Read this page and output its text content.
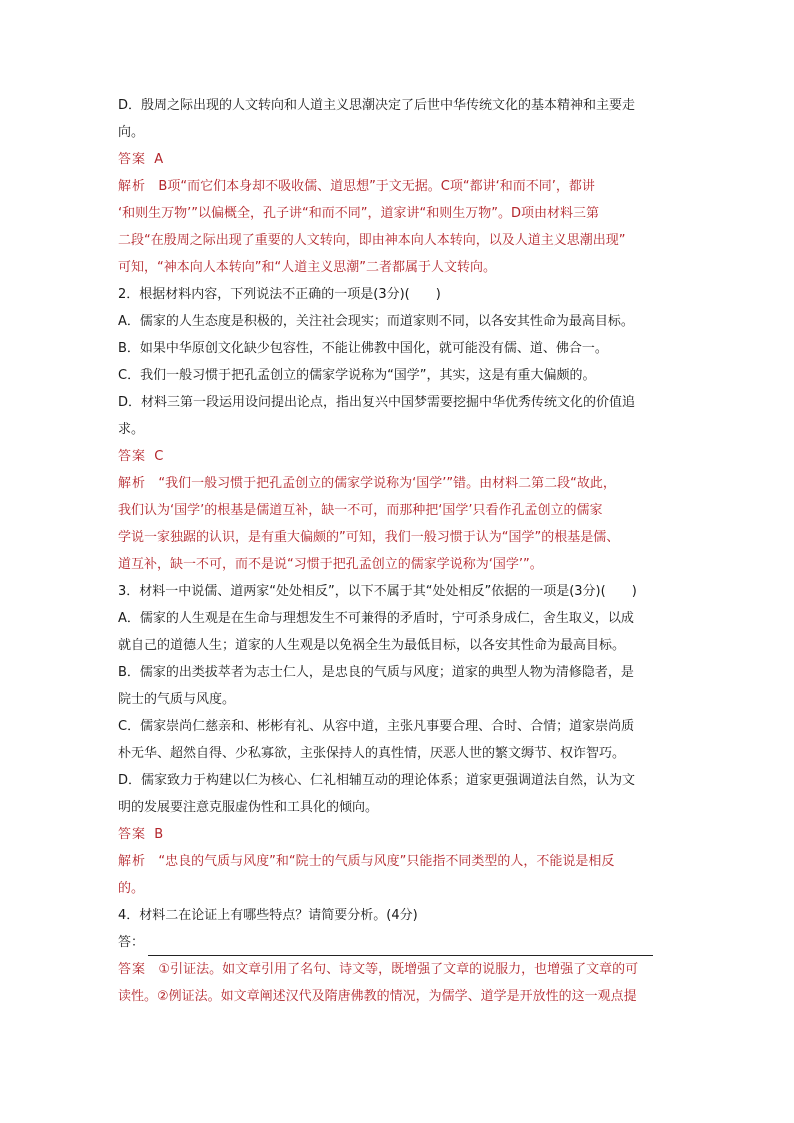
D．殷周之际出现的人文转向和人道主义思潮决定了后世中华传统文化的基本精神和主要走
向。
答案 A
解析 B项“而它们本身却不吸收儒、道思想”于文无据。C项“都讲‘和而不同’，都讲
‘和则生万物’”以偏概全，孔子讲“和而不同”，道家讲“和则生万物”。D项由材料三第
二段“在殷周之际出现了重要的人文转向，即由神本向人本转向，以及人道主义思潮出现”
可知，“神本向人本转向”和“人道主义思潮”二者都属于人文转向。
2．根据材料内容，下列说法不正确的一项是(3分)(　　)
A．儒家的人生态度是积极的，关注社会现实；而道家则不同，以各安其性命为最高目标。
B．如果中华原创文化缺少包容性，不能让佛教中国化，就可能没有儒、道、佛合一。
C．我们一般习惯于把孔孟创立的儒家学说称为“国学”，其实，这是有重大偏颇的。
D．材料三第一段运用设问提出论点，指出复兴中国梦需要挖掘中华优秀传统文化的价值追
求。
答案 C
解析 “我们一般习惯于把孔孟创立的儒家学说称为‘国学’”错。由材料二第二段“故此，
我们认为‘国学’的根基是儒道互补，缺一不可，而那种把‘国学’只看作孔孟创立的儒家
学说一家独踞的认识，是有重大偏颇的”可知，我们一般习惯于认为“国学”的根基是儒、
道互补，缺一不可，而不是说“习惯于把孔孟创立的儒家学说称为‘国学’”。
3．材料一中说儒、道两家“处处相反”，以下不属于其“处处相反”依据的一项是(3分)(　　)
A．儒家的人生观是在生命与理想发生不可兼得的矛盾时，宁可杀身成仁，舍生取义，以成
就自己的道德人生；道家的人生观是以免祸全生为最低目标，以各安其性命为最高目标。
B．儒家的出类拔萃者为志士仁人，是忠良的气质与风度；道家的典型人物为清修隐者，是
院士的气质与风度。
C．儒家崇尚仁慈亲和、彬彬有礼、从容中道，主张凡事要合理、合时、合情；道家崇尚质
朴无华、超然自得、少私寡欲，主张保持人的真性情，厌恶人世的繁文缛节、权诈智巧。
D．儒家致力于构建以仁为核心、仁礼相辅互动的理论体系；道家更强调道法自然，认为文
明的发展要注意克服虚伪性和工具化的倾向。
答案 B
解析 “忠良的气质与风度”和“院士的气质与风度”只能指不同类型的人，不能说是相反
的。
4．材料二在论证上有哪些特点？请简要分析。(4分)
答：
答案 ①引证法。如文章引用了名句、诗文等，既增强了文章的说服力，也增强了文章的可
读性。②例证法。如文章阐述汉代及隋唐佛教的情况，为儒学、道学是开放性的这一观点提
